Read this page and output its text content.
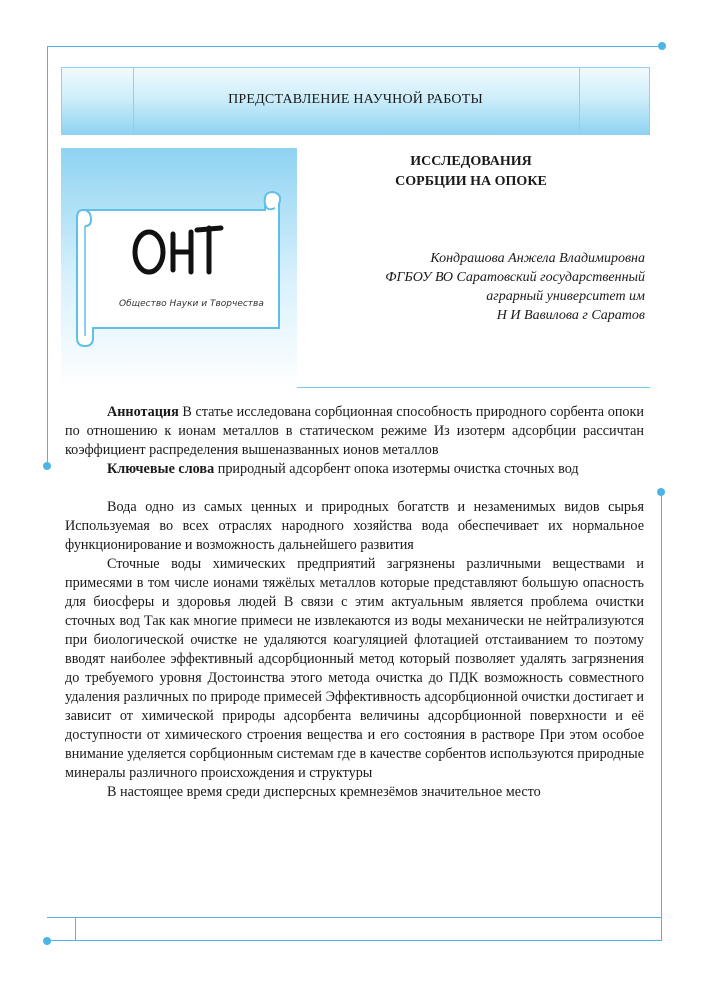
ПРЕДСТАВЛЕНИЕ НАУЧНОЙ РАБОТЫ
Общество Науки и Творчества
ИССЛЕДОВАНИЯ
СОРБЦИИ НА ОПОКЕ
Кондрашова Анжела Владимировна
ФГБОУ ВО Саратовский государственный
аграрный университет им
Н И Вавилова г Саратов

Аннотация В статье исследована сорбционная способность природного сорбента опоки по отношению к ионам металлов в статическом режиме Из изотерм адсорбции рассичтан коэффициент распределения вышеназванных ионов металлов

Ключевые слова природный адсорбент опока изотермы очистка сточных вод

Вода одно из самых ценных и природных богатств и незаменимых видов сырья Используемая во всех отраслях народного хозяйства вода обеспечивает их нормальное функционирование и возможность дальнейшего развития

Сточные воды химических предприятий загрязнены различными веществами и примесями в том числе ионами тяжёлых металлов которые представляют большую опасность для биосферы и здоровья людей В связи с этим актуальным является проблема очистки сточных вод Так как многие примеси не извлекаются из воды механически не нейтрализуются при биологической очистке не удаляются коагуляцией флотацией отстаиванием то поэтому вводят наиболее эффективный адсорбционный метод который позволяет удалять загрязнения до требуемого уровня Достоинства этого метода очистка до ПДК возможность совместного удаления различных по природе примесей Эффективность адсорбционной очистки достигает и зависит от химической природы адсорбента величины адсорбционной поверхности и её доступности от химического строения вещества и его состояния в растворе При этом особое внимание уделяется сорбционным системам где в качестве сорбентов используются природные минералы различного происхождения и структуры

В настоящее время среди дисперсных кремнезёмов значительное место
